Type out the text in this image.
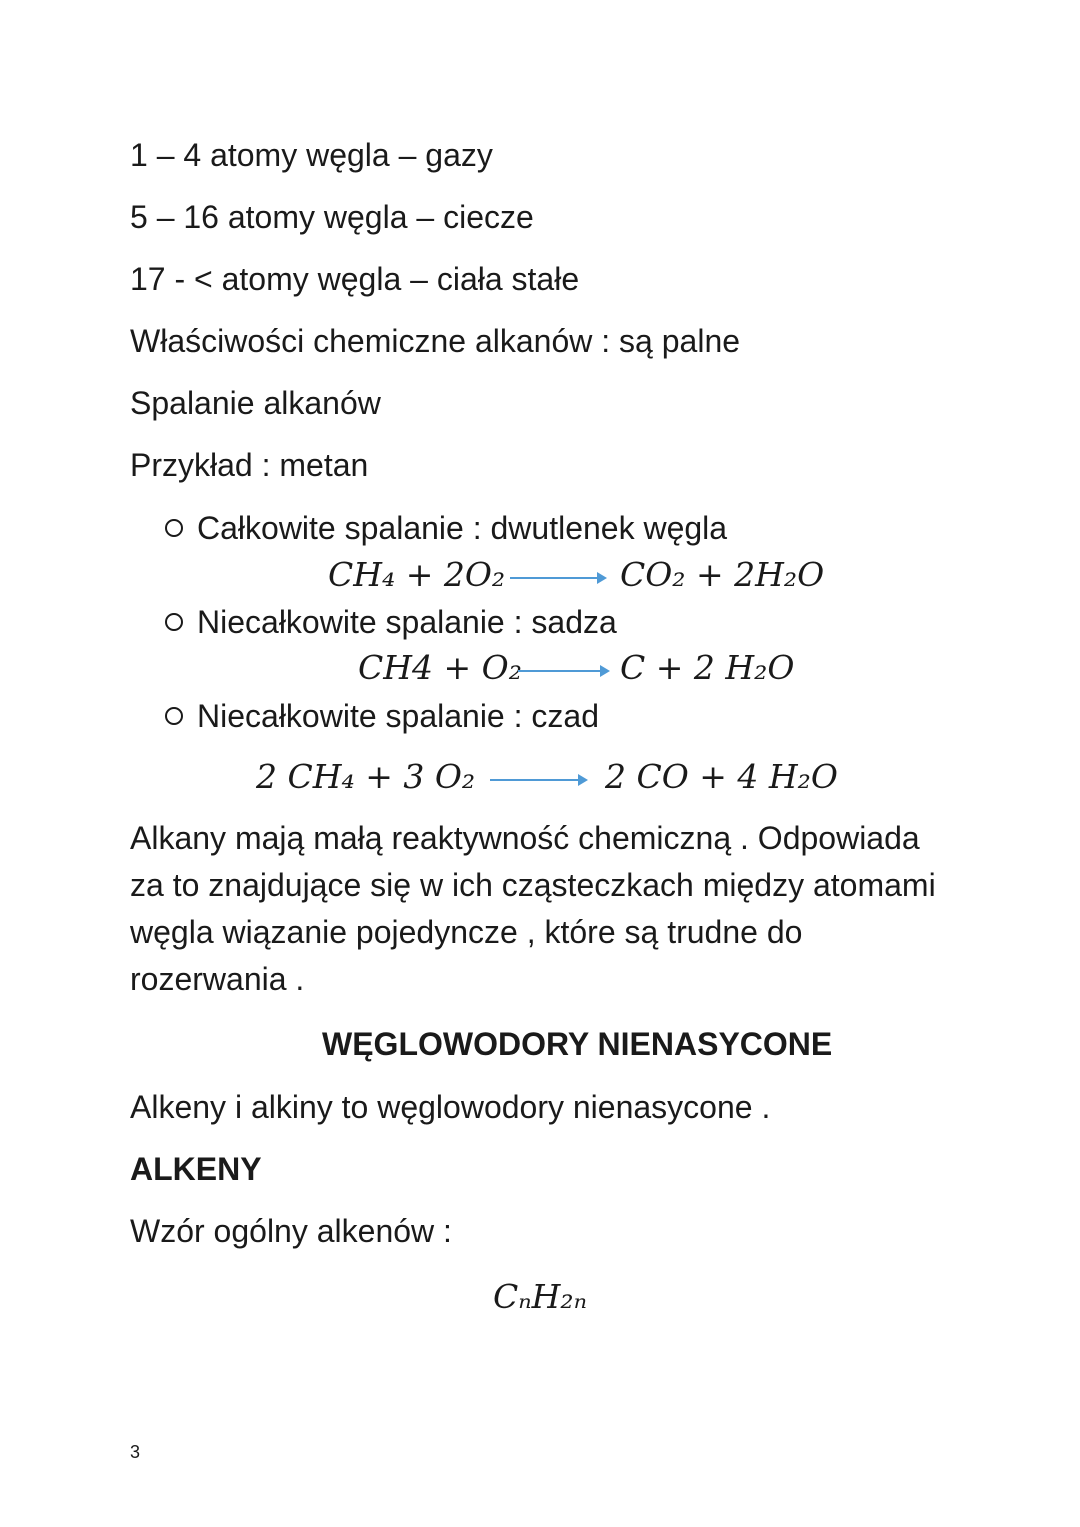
1 – 4 atomy węgla – gazy
5 – 16 atomy węgla – ciecze
17 - < atomy węgla – ciała stałe
Właściwości chemiczne alkanów : są palne
Spalanie alkanów
Przykład : metan
Całkowite spalanie : dwutlenek węgla
CH₄ + 2O₂	CO₂ + 2H₂O
Niecałkowite spalanie : sadza
CH4 + O₂	C + 2 H₂O
Niecałkowite spalanie : czad
2 CH₄ + 3 O₂	2 CO + 4 H₂O
Alkany mają małą reaktywność chemiczną . Odpowiada za to znajdujące się w ich cząsteczkach między atomami węgla wiązanie pojedyncze , które są trudne do rozerwania .
WĘGLOWODORY NIENASYCONE
Alkeny i alkiny to węglowodory nienasycone .
ALKENY
Wzór ogólny alkenów :
CₙH₂ₙ
3
